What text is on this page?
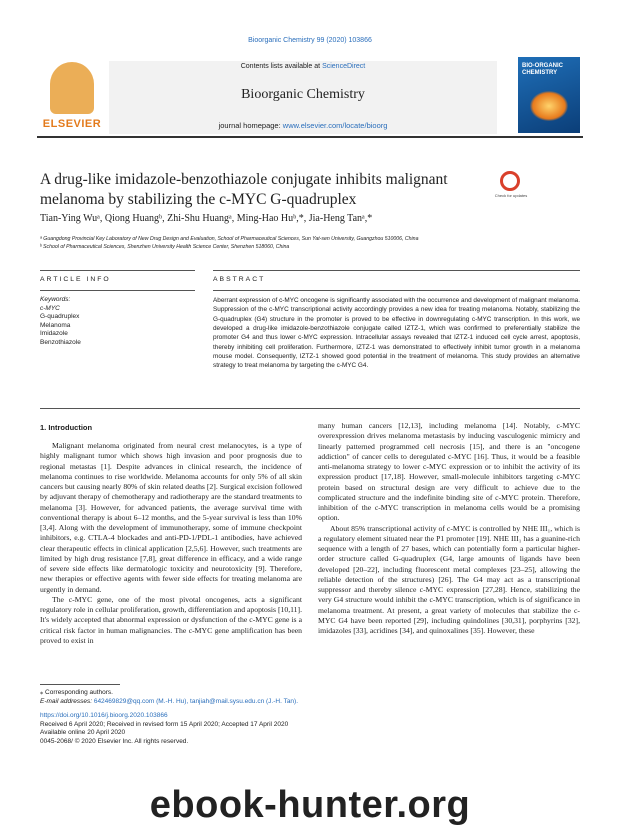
Bioorganic Chemistry 99 (2020) 103866
ELSEVIER
Contents lists available at ScienceDirect
Bioorganic Chemistry
journal homepage: www.elsevier.com/locate/bioorg
BIO-ORGANIC CHEMISTRY
A drug-like imidazole-benzothiazole conjugate inhibits malignant melanoma by stabilizing the c-MYC G-quadruplex	Check for updates
Tian-Ying Wuᵃ, Qiong Huangᵇ, Zhi-Shu Huangᵃ, Ming-Hao Huᵇ,*, Jia-Heng Tanᵃ,*
ᵃ Guangdong Provincial Key Laboratory of New Drug Design and Evaluation, School of Pharmaceutical Sciences, Sun Yat-sen University, Guangzhou 510006, China
ᵇ School of Pharmaceutical Sciences, Shenzhen University Health Science Center, Shenzhen 518060, China
ARTICLE INFO
Keywords:
c-MYC
G-quadruplex
Melanoma
Imidazole
Benzothiazole
ABSTRACT
Aberrant expression of c-MYC oncogene is significantly associated with the occurrence and development of malignant melanoma. Suppression of the c-MYC transcriptional activity accordingly provides a new idea for treating melanoma. Notably, stabilizing the G-quadruplex (G4) structure in the promoter is proved to be effective in downregulating c-MYC transcription. In this work, we developed a drug-like imidazole-benzothiazole conjugate called IZTZ-1, which was confirmed to preferentially stabilize the promoter G4 and thus lower c-MYC expression. Intracellular assays revealed that IZTZ-1 induced cell cycle arrest, apoptosis, thereby inhibiting cell proliferation. Furthermore, IZTZ-1 was demonstrated to effectively inhibit tumor growth in a melanoma mouse model. Consequently, IZTZ-1 showed good potential in the treatment of melanoma. This study provides an alternative strategy to treat melanoma by targeting the c-MYC G4.
1. Introduction

Malignant melanoma originated from neural crest melanocytes, is a type of highly malignant tumor which shows high invasion and poor prognosis due to regional metastas [1]. Despite advances in clinical research, the incidence of melanoma continues to rise worldwide. Melanoma accounts for only 5% of all skin cancers but causing nearly 80% of skin related deaths [2]. Surgical excision followed by adjuvant therapy of chemotherapy and radiotherapy are the standard treatments to melanoma [3]. However, for advanced patients, the average survival time with conventional therapy is about 6–12 months, and the 5-year survival is less than 10% [3,4]. Along with the development of immunotherapy, some of immune checkpoint inhibitors, e.g. CTLA-4 blockades and anti-PD-1/PDL-1 antibodies, have achieved clear therapeutic effects in clinical application [2,5,6]. However, such treatments are limited by high drug resistance [7,8], great difference in efficacy, and a wide range of severe side effects like dermatologic toxicity and neurotoxicity [9]. Therefore, new therapies or effective agents with fewer side effects for treating melanoma are urgently in demand.

The c-MYC gene, one of the most pivotal oncogenes, acts a significant regulatory role in cellular proliferation, growth, differentiation and apoptosis [10,11]. It's widely accepted that abnormal expression or dysfunction of the c-MYC gene is a critical risk factor in human malignancies. The c-MYC gene amplification has been proved to exist in

many human cancers [12,13], including melanoma [14]. Notably, c-MYC overexpression drives melanoma metastasis by inducing vasculogenic mimicry and linearly patterned programmed cell necrosis [15], and there is an "oncogene addiction" of cancer cells to deregulated c-MYC [16]. Thus, it would be a feasible anti-melanoma strategy to lower c-MYC expression or to inhibit the activity of its expression product [17,18]. However, small-molecule inhibitors targeting c-MYC protein based on structural design are very difficult to achieve due to the complicated structure and the indefinite binding site of c-MYC protein. Therefore, inhibition of the c-MYC transcription in melanoma cells would be a promising option.

About 85% transcriptional activity of c-MYC is controlled by NHE III₁, which is a regulatory element situated near the P1 promoter [19]. NHE III₁ has a guanine-rich sequence with a length of 27 bases, which can potentially form a particular higher-order structure called G-quadruplex (G4, large amounts of ligands have been developed [20–22], including fluorescent metal complexes [23–25], allowing the reliable detection of the structures) [26]. The G4 may act as a transcriptional suppressor and thereby silence c-MYC expression [27,28]. Hence, stabilizing the very G4 structure would inhibit the c-MYC transcription, which is of significance in melanoma treatment. At present, a great variety of molecules that stabilize the c-MYC G4 have been reported [29], including quindolines [30,31], porphyrins [32], imidazoles [33], acridines [34], and quinoxalines [35]. However, these

⁎ Corresponding authors.
E-mail addresses: 642469829@qq.com (M.-H. Hu), tanjiah@mail.sysu.edu.cn (J.-H. Tan).
https://doi.org/10.1016/j.bioorg.2020.103866
Received 6 April 2020; Received in revised form 15 April 2020; Accepted 17 April 2020
Available online 20 April 2020
0045-2068/ © 2020 Elsevier Inc. All rights reserved.
ebook-hunter.org
